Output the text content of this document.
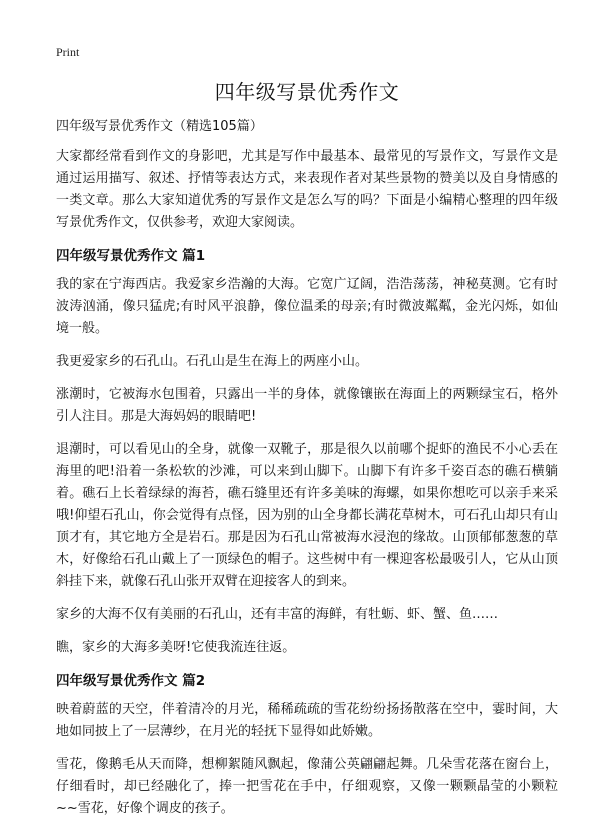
Print
四年级写景优秀作文
四年级写景优秀作文（精选105篇）

大家都经常看到作文的身影吧，尤其是写作中最基本、最常见的写景作文，写景作文是通过运用描写、叙述、抒情等表达方式，来表现作者对某些景物的赞美以及自身情感的一类文章。那么大家知道优秀的写景作文是怎么写的吗？下面是小编精心整理的四年级写景优秀作文，仅供参考，欢迎大家阅读。

四年级写景优秀作文 篇1

我的家在宁海西店。我爱家乡浩瀚的大海。它宽广辽阔，浩浩荡荡，神秘莫测。它有时波涛汹涌，像只猛虎;有时风平浪静，像位温柔的母亲;有时微波粼粼，金光闪烁，如仙境一般。

我更爱家乡的石孔山。石孔山是生在海上的两座小山。

涨潮时，它被海水包围着，只露出一半的身体，就像镶嵌在海面上的两颗绿宝石，格外引人注目。那是大海妈妈的眼睛吧!

退潮时，可以看见山的全身，就像一双靴子，那是很久以前哪个捉虾的渔民不小心丢在海里的吧!沿着一条松软的沙滩，可以来到山脚下。山脚下有许多千姿百态的礁石横躺着。礁石上长着绿绿的海苔，礁石缝里还有许多美味的海螺，如果你想吃可以亲手来采哦!仰望石孔山，你会觉得有点怪，因为别的山全身都长满花草树木，可石孔山却只有山顶才有，其它地方全是岩石。那是因为石孔山常被海水浸泡的缘故。山顶郁郁葱葱的草木，好像给石孔山戴上了一顶绿色的帽子。这些树中有一棵迎客松最吸引人，它从山顶斜挂下来，就像石孔山张开双臂在迎接客人的到来。

家乡的大海不仅有美丽的石孔山，还有丰富的海鲜，有牡蛎、虾、蟹、鱼……

瞧，家乡的大海多美呀!它使我流连往返。

四年级写景优秀作文 篇2

映着蔚蓝的天空，伴着清冷的月光，稀稀疏疏的雪花纷纷扬扬散落在空中，霎时间，大地如同披上了一层薄纱，在月光的轻抚下显得如此娇嫩。

雪花，像鹅毛从天而降，想柳絮随风飘起，像蒲公英翩翩起舞。几朵雪花落在窗台上，仔细看时，却已经融化了，捧一把雪花在手中，仔细观察，又像一颗颗晶莹的小颗粒~~雪花，好像个调皮的孩子。
